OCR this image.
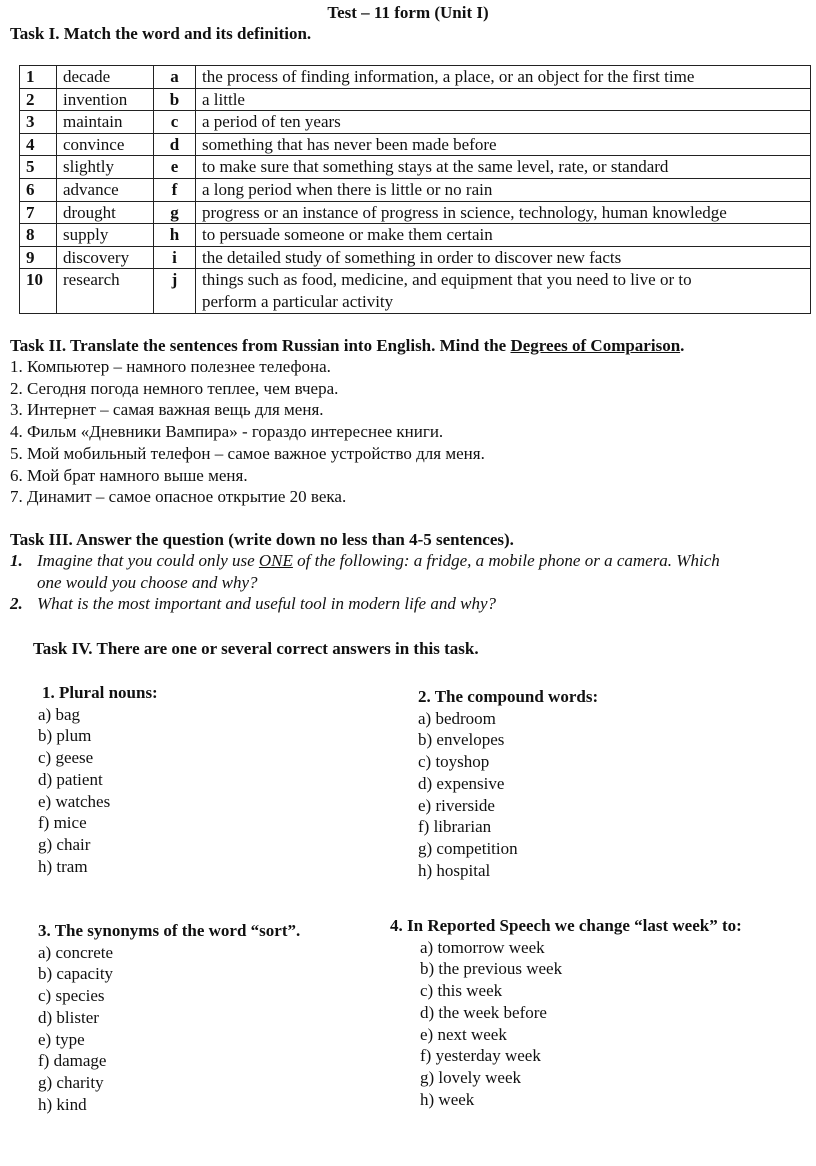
Test – 11 form (Unit I)
Task I. Match the word and its definition.
1	decade	a	the process of finding information, a place, or an object for the first time
2	invention	b	a little
3	maintain	c	a period of ten years
4	convince	d	something that has never been made before
5	slightly	e	to make sure that something stays at the same level, rate, or standard
6	advance	f	a long period when there is little or no rain
7	drought	g	progress or an instance of progress in science, technology, human knowledge
8	supply	h	to persuade someone or make them certain
9	discovery	i	the detailed study of something in order to discover new facts
10	research	j	things such as food, medicine, and equipment that you need to live or to
perform a particular activity
Task II. Translate the sentences from Russian into English. Mind the Degrees of Comparison.
1. Компьютер – намного полезнее телефона.
2. Сегодня погода немного теплее, чем вчера.
3. Интернет – самая важная вещь для меня.
4. Фильм «Дневники Вампира» - гораздо интереснее книги.
5. Мой мобильный телефон – самое важное устройство для меня.
6. Мой брат намного выше меня.
7. Динамит – самое опасное открытие 20 века.
Task III. Answer the question (write down no less than 4-5 sentences).
1. Imagine that you could only use ONE of the following: a fridge, a mobile phone or a camera. Which
one would you choose and why?
2. What is the most important and useful tool in modern life and why?
Task IV. There are one or several correct answers in this task.
1. Plural nouns:
a) bag
b) plum
c) geese
d) patient
e) watches
f) mice
g) chair
h) tram
2. The compound words:
a) bedroom
b) envelopes
c) toyshop
d) expensive
e) riverside
f) librarian
g) competition
h) hospital
3. The synonyms of the word “sort”.
a) concrete
b) capacity
c) species
d) blister
e) type
f) damage
g) charity
h) kind
4. In Reported Speech we change “last week” to:
a) tomorrow week
b) the previous week
c) this week
d) the week before
e) next week
f) yesterday week
g) lovely week
h) week
